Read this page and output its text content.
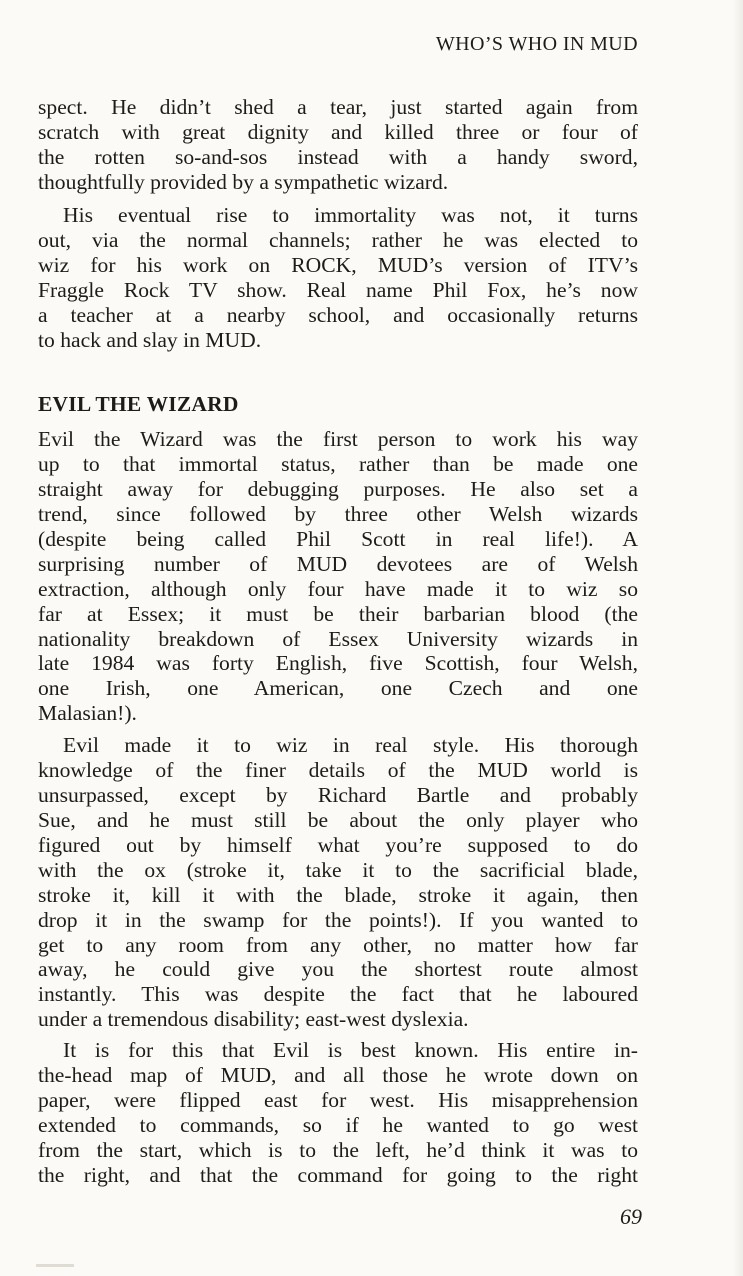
WHO’S WHO IN MUD
spect. He didn’t shed a tear, just started again from
scratch with great dignity and killed three or four of
the rotten so-and-sos instead with a handy sword,
thoughtfully provided by a sympathetic wizard.
His eventual rise to immortality was not, it turns
out, via the normal channels; rather he was elected to
wiz for his work on ROCK, MUD’s version of ITV’s
Fraggle Rock TV show. Real name Phil Fox, he’s now
a teacher at a nearby school, and occasionally returns
to hack and slay in MUD.
EVIL THE WIZARD
Evil the Wizard was the first person to work his way
up to that immortal status, rather than be made one
straight away for debugging purposes. He also set a
trend, since followed by three other Welsh wizards
(despite being called Phil Scott in real life!). A
surprising number of MUD devotees are of Welsh
extraction, although only four have made it to wiz so
far at Essex; it must be their barbarian blood (the
nationality breakdown of Essex University wizards in
late 1984 was forty English, five Scottish, four Welsh,
one Irish, one American, one Czech and one
Malasian!).
Evil made it to wiz in real style. His thorough
knowledge of the finer details of the MUD world is
unsurpassed, except by Richard Bartle and probably
Sue, and he must still be about the only player who
figured out by himself what you’re supposed to do
with the ox (stroke it, take it to the sacrificial blade,
stroke it, kill it with the blade, stroke it again, then
drop it in the swamp for the points!). If you wanted to
get to any room from any other, no matter how far
away, he could give you the shortest route almost
instantly. This was despite the fact that he laboured
under a tremendous disability; east-west dyslexia.
It is for this that Evil is best known. His entire in-
the-head map of MUD, and all those he wrote down on
paper, were flipped east for west. His misapprehension
extended to commands, so if he wanted to go west
from the start, which is to the left, he’d think it was to
the right, and that the command for going to the right
69
